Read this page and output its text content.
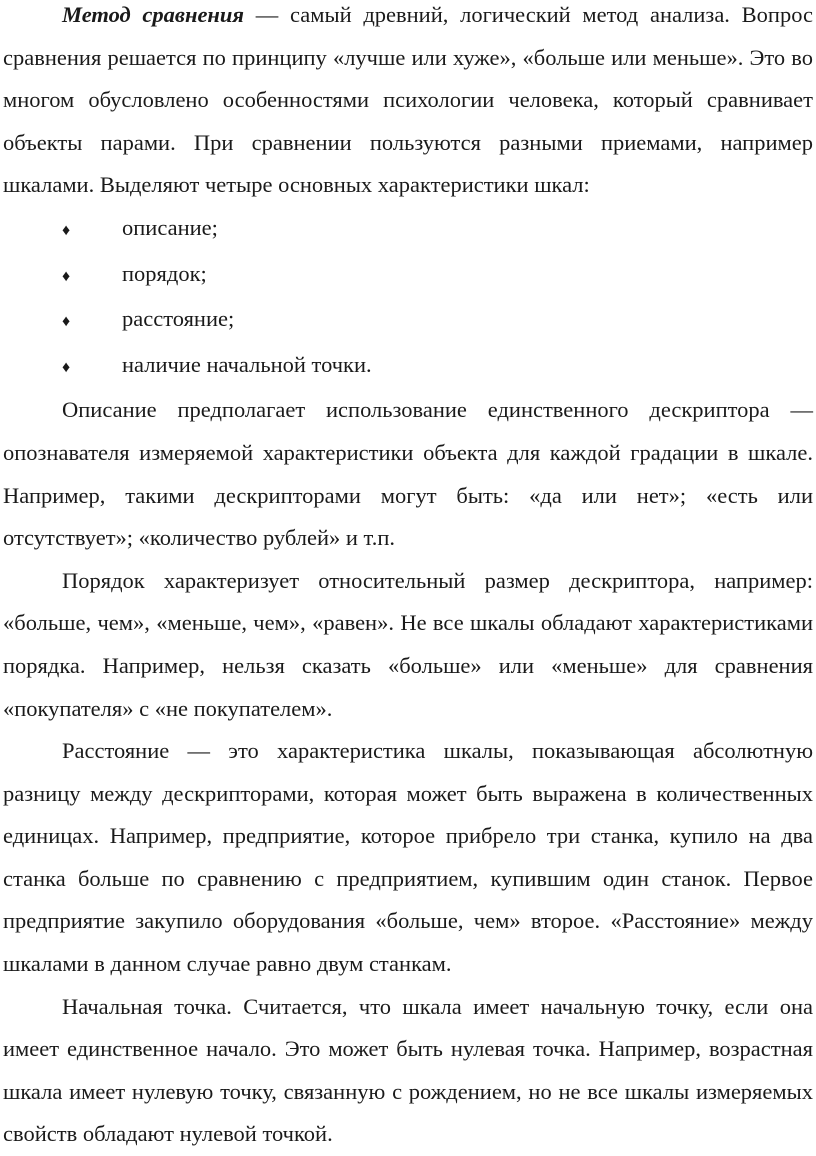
Метод сравнения — самый древний, логический метод анализа. Вопрос сравнения решается по принципу «лучше или хуже», «больше или меньше». Это во многом обусловлено особенностями психологии человека, который сравнивает объекты парами. При сравнении пользуются разными приемами, например шкалами. Выделяют четыре основных характеристики шкал:

♦	описание;
♦	порядок;
♦	расстояние;
♦	наличие начальной точки.

Описание предполагает использование единственного дескриптора — опознавателя измеряемой характеристики объекта для каждой градации в шкале. Например, такими дескрипторами могут быть: «да или нет»; «есть или отсутствует»; «количество рублей» и т.п.

Порядок характеризует относительный размер дескриптора, например: «больше, чем», «меньше, чем», «равен». Не все шкалы обладают характеристиками порядка. Например, нельзя сказать «больше» или «меньше» для сравнения «покупателя» с «не покупателем».

Расстояние — это характеристика шкалы, показывающая абсолютную разницу между дескрипторами, которая может быть выражена в количественных единицах. Например, предприятие, которое прибрело три станка, купило на два станка больше по сравнению с предприятием, купившим один станок. Первое предприятие закупило оборудования «больше, чем» второе. «Расстояние» между шкалами в данном случае равно двум станкам.

Начальная точка. Считается, что шкала имеет начальную точку, если она имеет единственное начало. Это может быть нулевая точка. Например, возрастная шкала имеет нулевую точку, связанную с рождением, но не все шкалы измеряемых свойств обладают нулевой точкой.
